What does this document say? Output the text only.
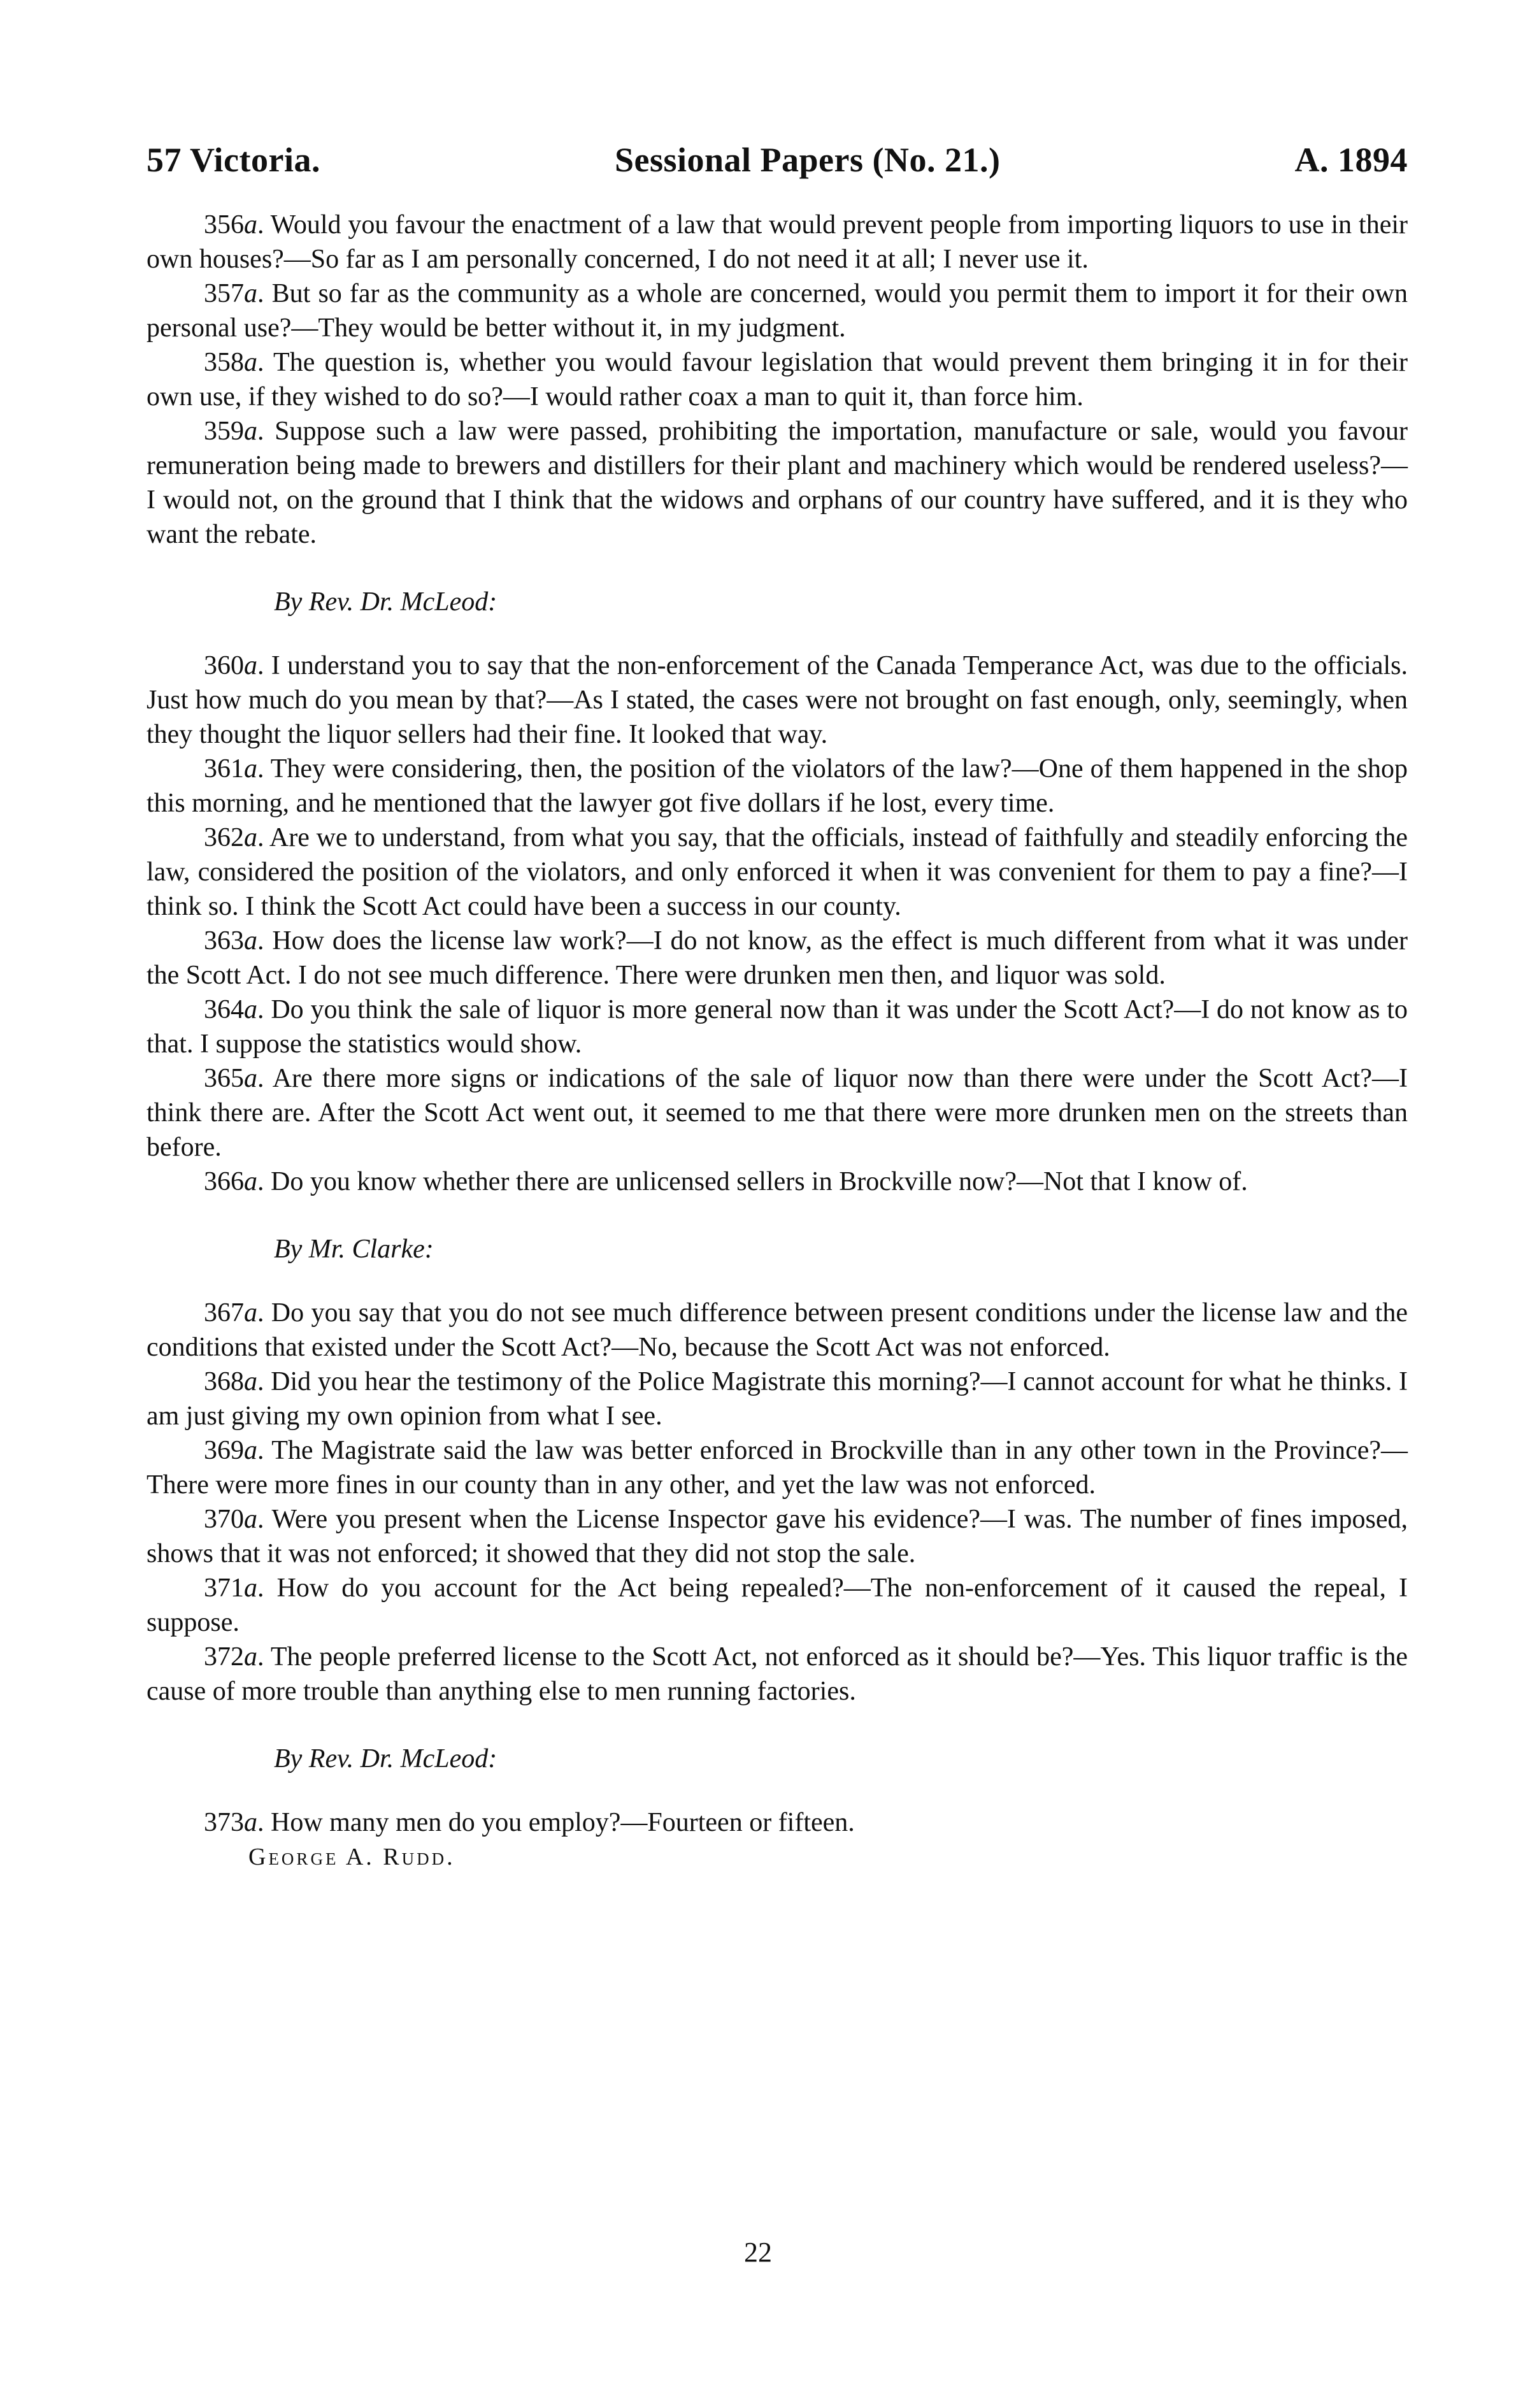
57 Victoria.	Sessional Papers (No. 21.)	A. 1894

356a. Would you favour the enactment of a law that would prevent people from importing liquors to use in their own houses?—So far as I am personally concerned, I do not need it at all; I never use it.

357a. But so far as the community as a whole are concerned, would you permit them to import it for their own personal use?—They would be better without it, in my judgment.

358a. The question is, whether you would favour legislation that would prevent them bringing it in for their own use, if they wished to do so?—I would rather coax a man to quit it, than force him.

359a. Suppose such a law were passed, prohibiting the importation, manufacture or sale, would you favour remuneration being made to brewers and distillers for their plant and machinery which would be rendered useless?—I would not, on the ground that I think that the widows and orphans of our country have suffered, and it is they who want the rebate.

By Rev. Dr. McLeod:

360a. I understand you to say that the non-enforcement of the Canada Temperance Act, was due to the officials. Just how much do you mean by that?—As I stated, the cases were not brought on fast enough, only, seemingly, when they thought the liquor sellers had their fine. It looked that way.

361a. They were considering, then, the position of the violators of the law?—One of them happened in the shop this morning, and he mentioned that the lawyer got five dollars if he lost, every time.

362a. Are we to understand, from what you say, that the officials, instead of faithfully and steadily enforcing the law, considered the position of the violators, and only enforced it when it was convenient for them to pay a fine?—I think so. I think the Scott Act could have been a success in our county.

363a. How does the license law work?—I do not know, as the effect is much different from what it was under the Scott Act. I do not see much difference. There were drunken men then, and liquor was sold.

364a. Do you think the sale of liquor is more general now than it was under the Scott Act?—I do not know as to that. I suppose the statistics would show.

365a. Are there more signs or indications of the sale of liquor now than there were under the Scott Act?—I think there are. After the Scott Act went out, it seemed to me that there were more drunken men on the streets than before.

366a. Do you know whether there are unlicensed sellers in Brockville now?—Not that I know of.

By Mr. Clarke:

367a. Do you say that you do not see much difference between present conditions under the license law and the conditions that existed under the Scott Act?—No, because the Scott Act was not enforced.

368a. Did you hear the testimony of the Police Magistrate this morning?—I cannot account for what he thinks. I am just giving my own opinion from what I see.

369a. The Magistrate said the law was better enforced in Brockville than in any other town in the Province?—There were more fines in our county than in any other, and yet the law was not enforced.

370a. Were you present when the License Inspector gave his evidence?—I was. The number of fines imposed, shows that it was not enforced; it showed that they did not stop the sale.

371a. How do you account for the Act being repealed?—The non-enforcement of it caused the repeal, I suppose.

372a. The people preferred license to the Scott Act, not enforced as it should be?—Yes. This liquor traffic is the cause of more trouble than anything else to men running factories.

By Rev. Dr. McLeod:

373a. How many men do you employ?—Fourteen or fifteen.

George A. Rudd.
22
